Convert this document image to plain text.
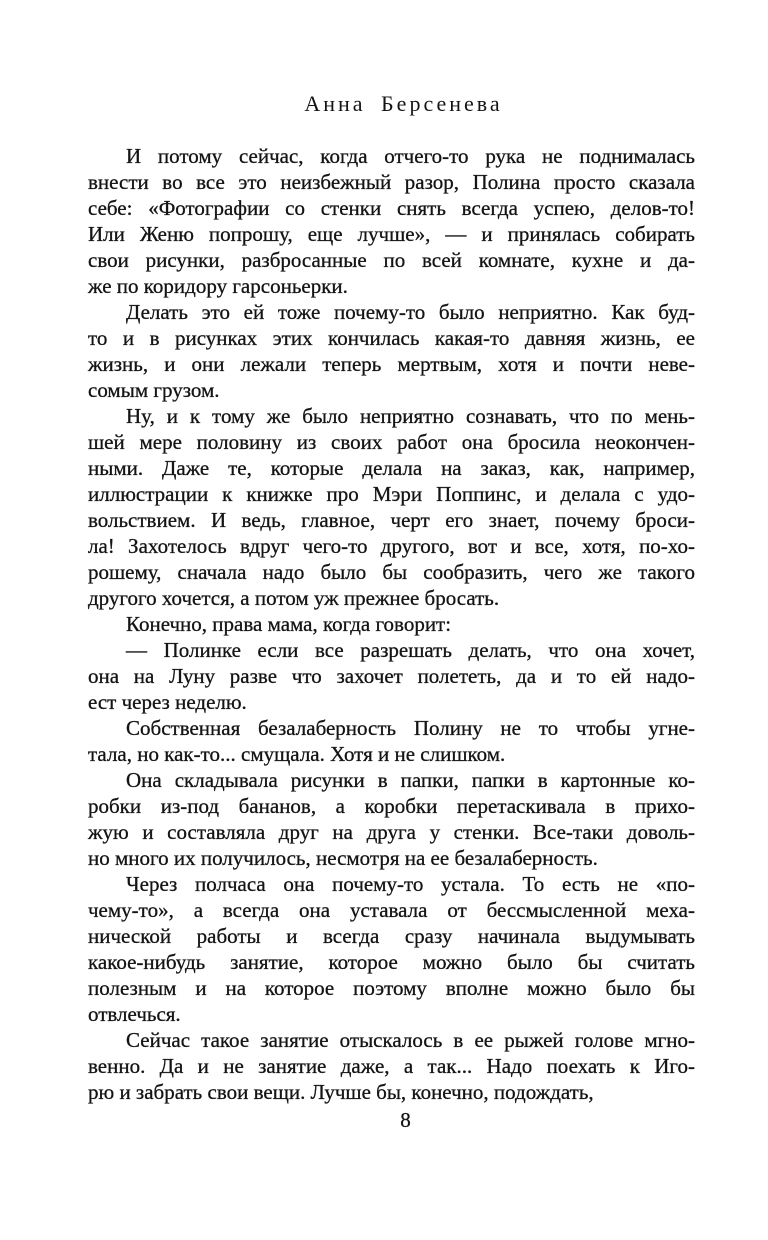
Анна Берсенева
И потому сейчас, когда отчего-то рука не поднималась
внести во все это неизбежный разор, Полина просто сказала
себе: «Фотографии со стенки снять всегда успею, делов-то!
Или Женю попрошу, еще лучше», — и принялась собирать
свои рисунки, разбросанные по всей комнате, кухне и да-
же по коридору гарсоньерки.
Делать это ей тоже почему-то было неприятно. Как буд-
то и в рисунках этих кончилась какая-то давняя жизнь, ее
жизнь, и они лежали теперь мертвым, хотя и почти неве-
сомым грузом.
Ну, и к тому же было неприятно сознавать, что по мень-
шей мере половину из своих работ она бросила неокончен-
ными. Даже те, которые делала на заказ, как, например,
иллюстрации к книжке про Мэри Поппинс, и делала с удо-
вольствием. И ведь, главное, черт его знает, почему броси-
ла! Захотелось вдруг чего-то другого, вот и все, хотя, по-хо-
рошему, сначала надо было бы сообразить, чего же такого
другого хочется, а потом уж прежнее бросать.
Конечно, права мама, когда говорит:
— Полинке если все разрешать делать, что она хочет,
она на Луну разве что захочет полететь, да и то ей надо-
ест через неделю.
Собственная безалаберность Полину не то чтобы угне-
тала, но как-то... смущала. Хотя и не слишком.
Она складывала рисунки в папки, папки в картонные ко-
робки из-под бананов, а коробки перетаскивала в прихо-
жую и составляла друг на друга у стенки. Все-таки доволь-
но много их получилось, несмотря на ее безалаберность.
Через полчаса она почему-то устала. То есть не «по-
чему-то», а всегда она уставала от бессмысленной меха-
нической работы и всегда сразу начинала выдумывать
какое-нибудь занятие, которое можно было бы считать
полезным и на которое поэтому вполне можно было бы
отвлечься.
Сейчас такое занятие отыскалось в ее рыжей голове мгно-
венно. Да и не занятие даже, а так... Надо поехать к Иго-
рю и забрать свои вещи. Лучше бы, конечно, подождать,
8
